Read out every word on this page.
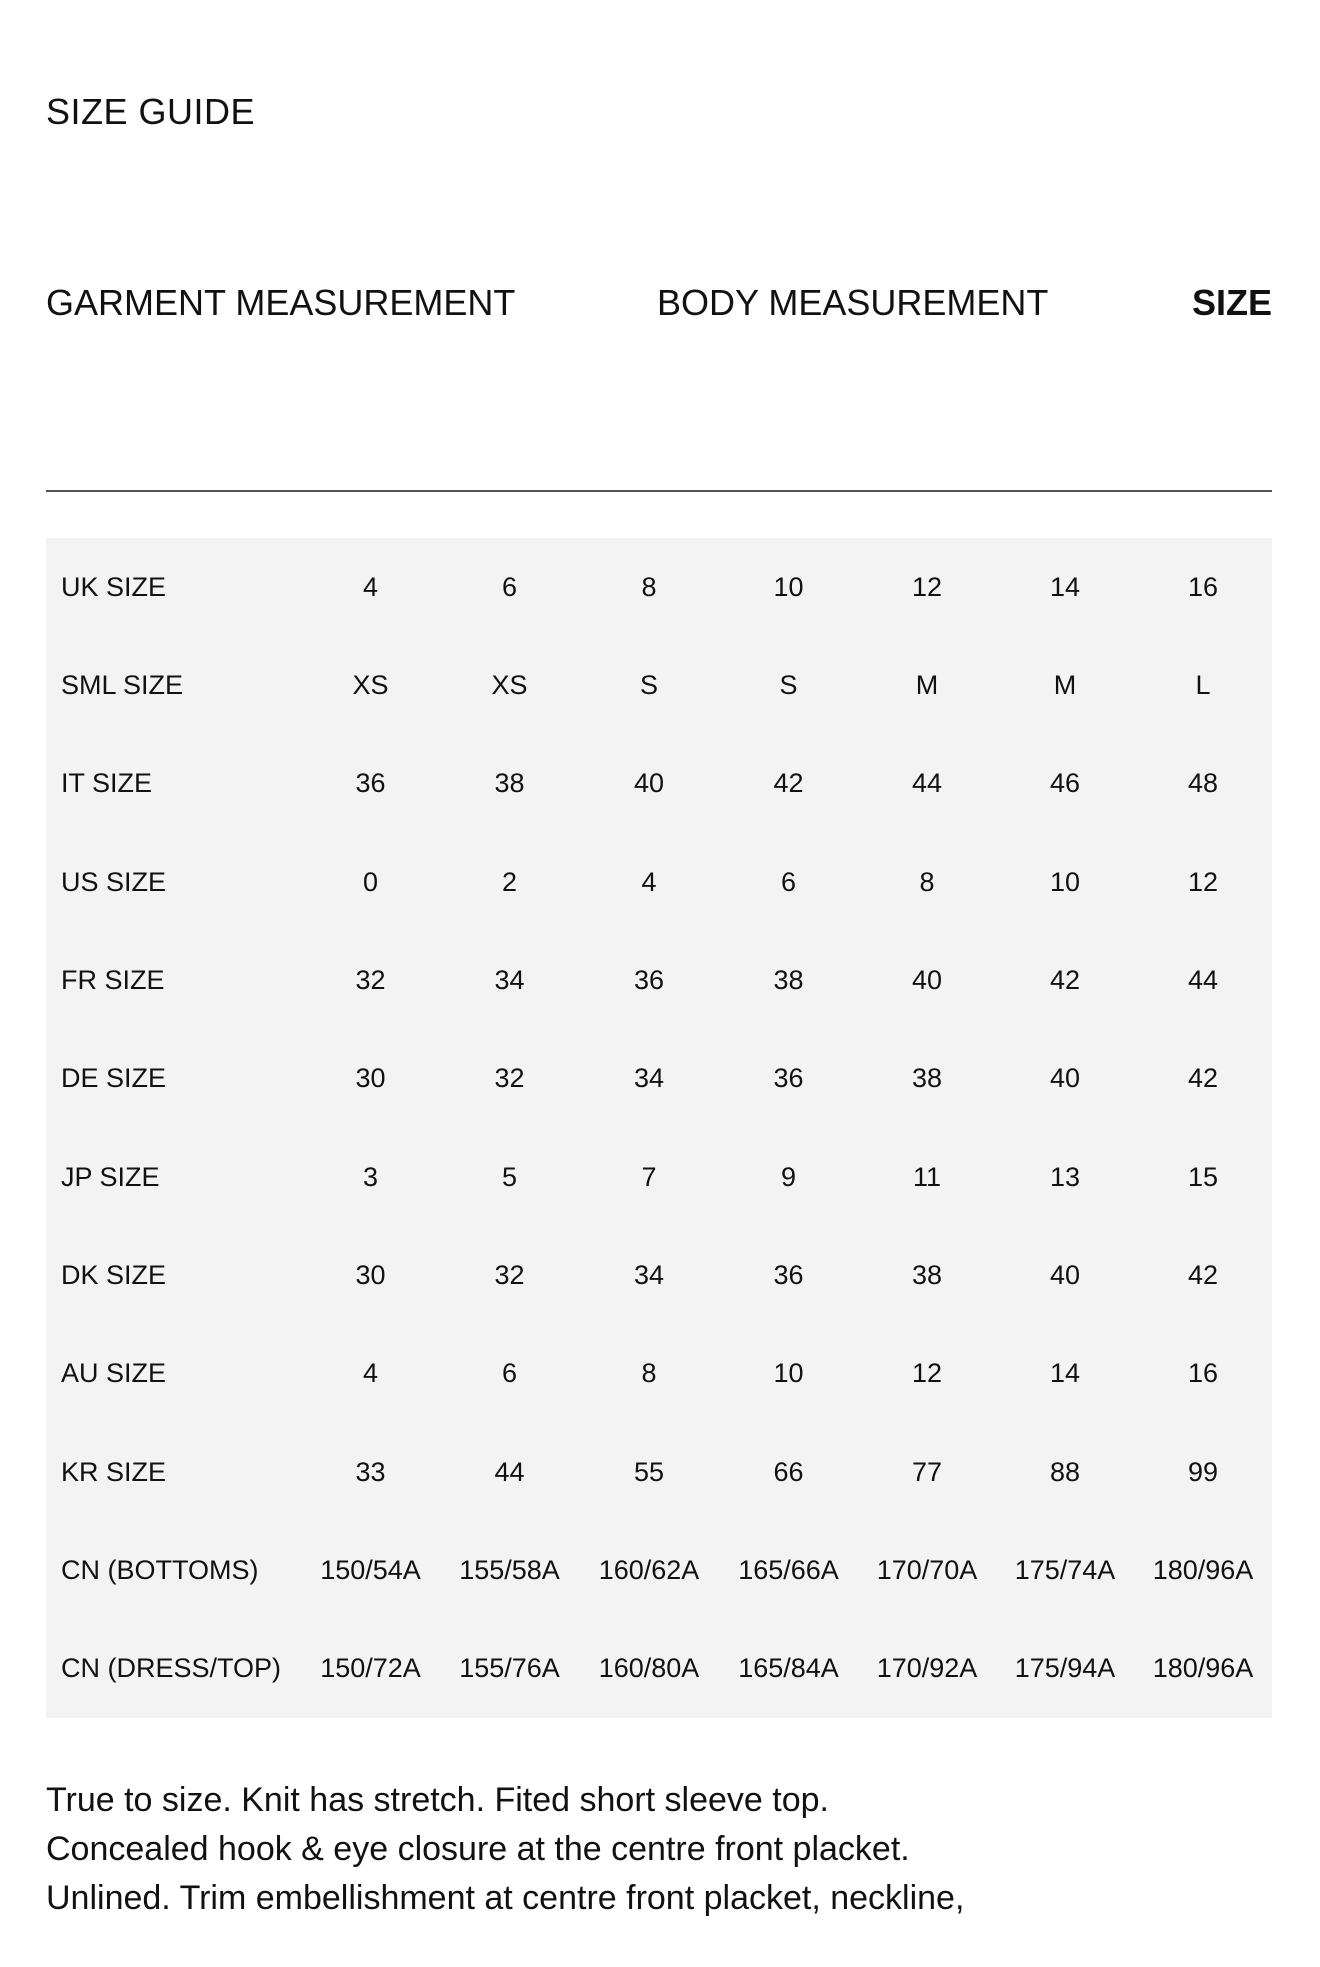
SIZE GUIDE
GARMENT MEASUREMENT	BODY MEASUREMENT	SIZE
UK SIZE	4	6	8	10	12	14	16
SML SIZE	XS	XS	S	S	M	M	L
IT SIZE	36	38	40	42	44	46	48
US SIZE	0	2	4	6	8	10	12
FR SIZE	32	34	36	38	40	42	44
DE SIZE	30	32	34	36	38	40	42
JP SIZE	3	5	7	9	11	13	15
DK SIZE	30	32	34	36	38	40	42
AU SIZE	4	6	8	10	12	14	16
KR SIZE	33	44	55	66	77	88	99
CN (BOTTOMS)	150/54A	155/58A	160/62A	165/66A	170/70A	175/74A	180/96A
CN (DRESS/TOP)	150/72A	155/76A	160/80A	165/84A	170/92A	175/94A	180/96A
True to size. Knit has stretch. Fited short sleeve top.
Concealed hook & eye closure at the centre front placket.
Unlined. Trim embellishment at centre front placket, neckline,
